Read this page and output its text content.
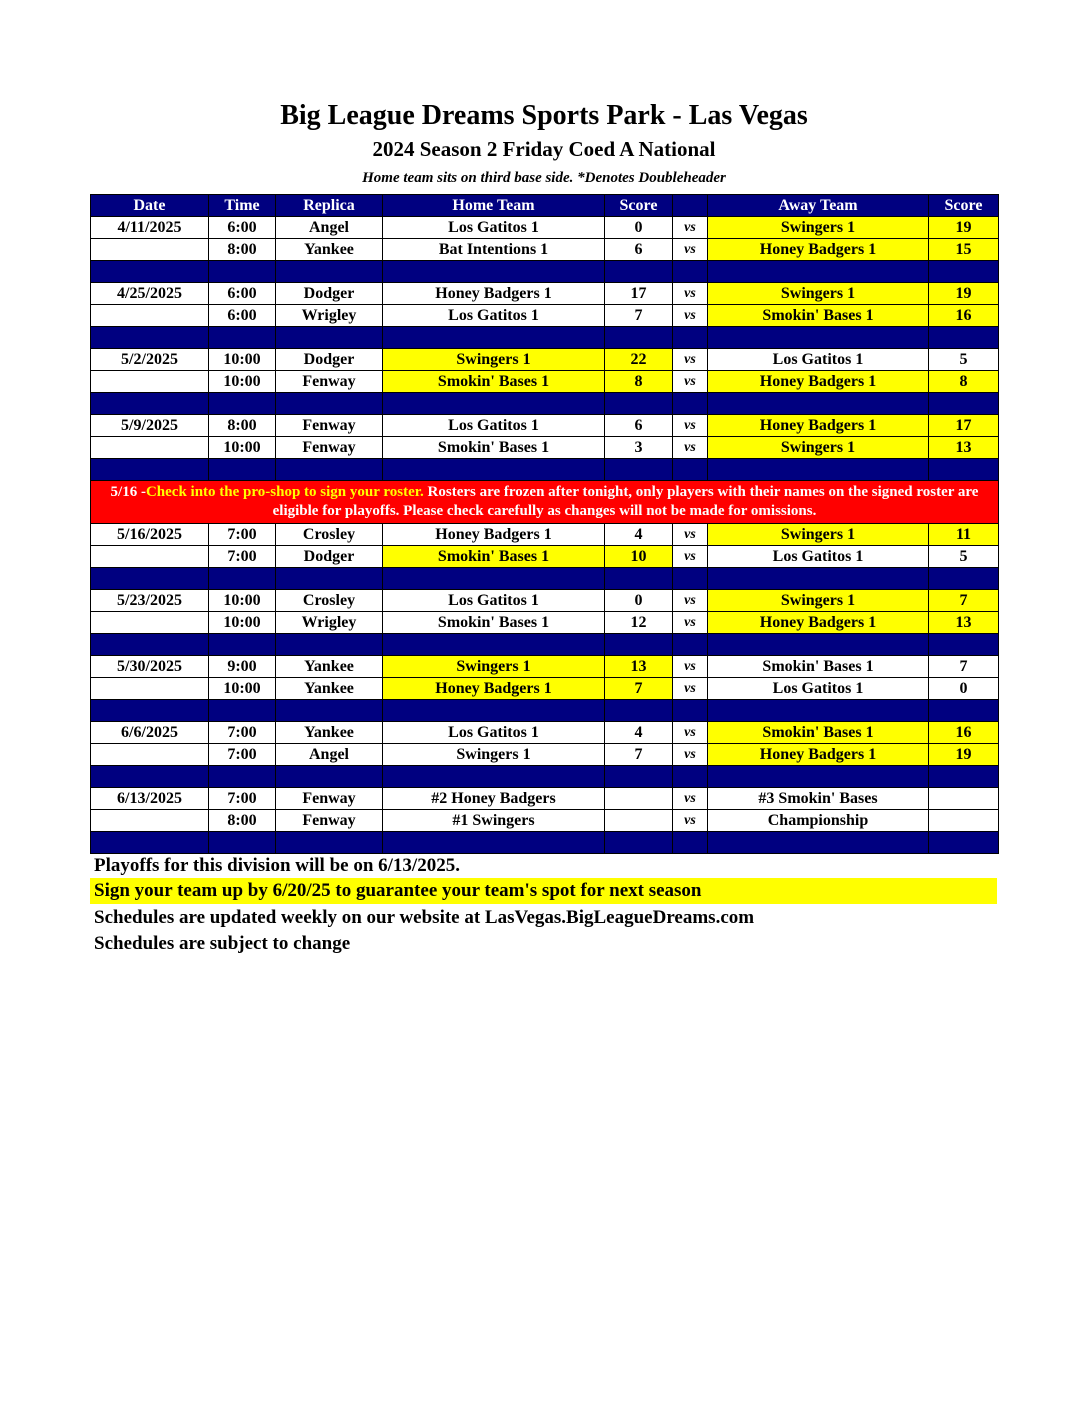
Big League Dreams Sports Park - Las Vegas
2024 Season 2 Friday Coed A National
Home team sits on third base side. *Denotes Doubleheader
Date	Time	Replica	Home Team	Score		Away Team	Score
4/11/2025	6:00	Angel	Los Gatitos 1	0	vs	Swingers 1	19
	8:00	Yankee	Bat Intentions 1	6	vs	Honey Badgers 1	15

4/25/2025	6:00	Dodger	Honey Badgers 1	17	vs	Swingers 1	19
	6:00	Wrigley	Los Gatitos 1	7	vs	Smokin' Bases 1	16

5/2/2025	10:00	Dodger	Swingers 1	22	vs	Los Gatitos 1	5
	10:00	Fenway	Smokin' Bases 1	8	vs	Honey Badgers 1	8

5/9/2025	8:00	Fenway	Los Gatitos 1	6	vs	Honey Badgers 1	17
	10:00	Fenway	Smokin' Bases 1	3	vs	Swingers 1	13

5/16 -Check into the pro-shop to sign your roster. Rosters are frozen after tonight, only players with their names on the signed roster are eligible for playoffs. Please check carefully as changes will not be made for omissions.							
5/16/2025	7:00	Crosley	Honey Badgers 1	4	vs	Swingers 1	11
	7:00	Dodger	Smokin' Bases 1	10	vs	Los Gatitos 1	5

5/23/2025	10:00	Crosley	Los Gatitos 1	0	vs	Swingers 1	7
	10:00	Wrigley	Smokin' Bases 1	12	vs	Honey Badgers 1	13

5/30/2025	9:00	Yankee	Swingers 1	13	vs	Smokin' Bases 1	7
	10:00	Yankee	Honey Badgers 1	7	vs	Los Gatitos 1	0

6/6/2025	7:00	Yankee	Los Gatitos 1	4	vs	Smokin' Bases 1	16
	7:00	Angel	Swingers 1	7	vs	Honey Badgers 1	19

6/13/2025	7:00	Fenway	#2 Honey Badgers		vs	#3 Smokin' Bases	
	8:00	Fenway	#1 Swingers		vs	Championship	

Playoffs for this division will be on 6/13/2025.
Sign your team up by 6/20/25 to guarantee your team's spot for next season
Schedules are updated weekly on our website at LasVegas.BigLeagueDreams.com
Schedules are subject to change
